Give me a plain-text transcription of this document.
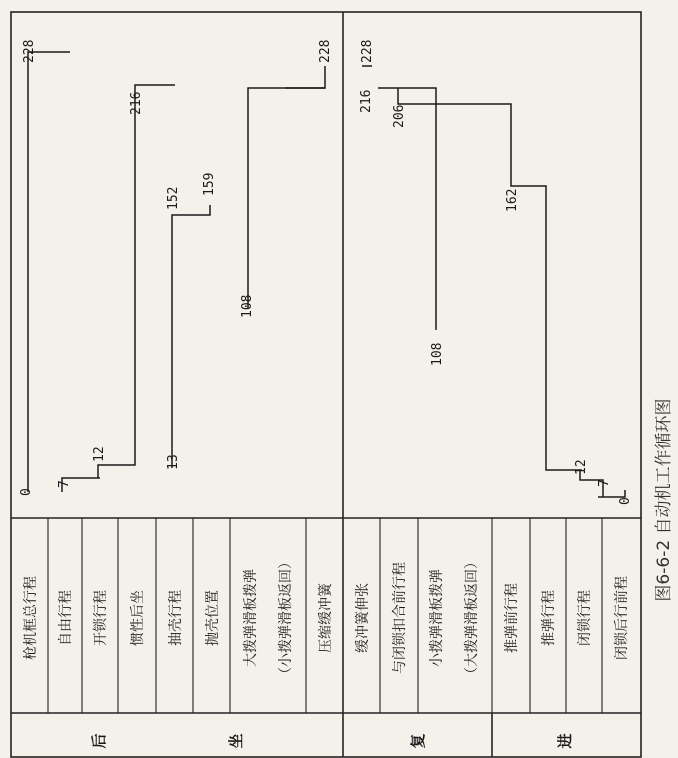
枪机框总行程 自由行程 开锁行程 惯性后坐 抽壳行程 抛壳位置 大拨弹滑板拨弹 （小拨弹滑板返回） 压缩缓冲簧 缓冲簧伸张 与闭锁扣合前行程 小拨弹滑板拨弹 （大拨弹滑板返回） 推弹前行程 推弹行程 闭锁行程 闭锁后行前程
后	坐	复	进
0
7
12
13
108
152
159
216
228	228 228
216
206
162
108
12
7
0 图6-6-2 自动机工作循环图
